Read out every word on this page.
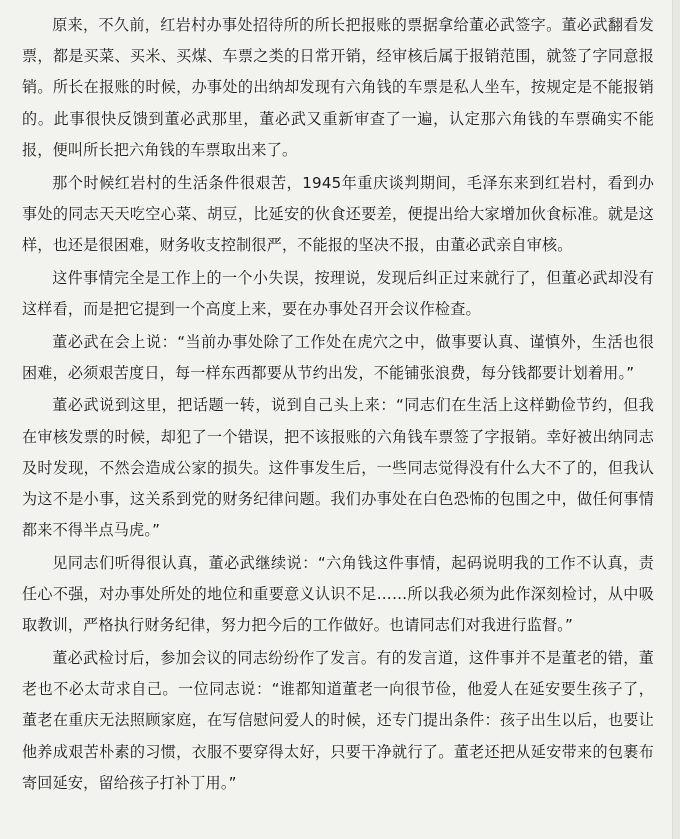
原来，不久前，红岩村办事处招待所的所长把报账的票据拿给董必武签字。董必武翻看发票，都是买菜、买米、买煤、车票之类的日常开销，经审核后属于报销范围，就签了字同意报销。所长在报账的时候，办事处的出纳却发现有六角钱的车票是私人坐车，按规定是不能报销的。此事很快反馈到董必武那里，董必武又重新审查了一遍，认定那六角钱的车票确实不能报，便叫所长把六角钱的车票取出来了。

那个时候红岩村的生活条件很艰苦，1945年重庆谈判期间，毛泽东来到红岩村，看到办事处的同志天天吃空心菜、胡豆，比延安的伙食还要差，便提出给大家增加伙食标准。就是这样，也还是很困难，财务收支控制很严，不能报的坚决不报，由董必武亲自审核。

这件事情完全是工作上的一个小失误，按理说，发现后纠正过来就行了，但董必武却没有这样看，而是把它提到一个高度上来，要在办事处召开会议作检查。

董必武在会上说：“当前办事处除了工作处在虎穴之中，做事要认真、谨慎外，生活也很困难，必须艰苦度日，每一样东西都要从节约出发，不能铺张浪费，每分钱都要计划着用。”

董必武说到这里，把话题一转，说到自己头上来：“同志们在生活上这样勤俭节约，但我在审核发票的时候，却犯了一个错误，把不该报账的六角钱车票签了字报销。幸好被出纳同志及时发现，不然会造成公家的损失。这件事发生后，一些同志觉得没有什么大不了的，但我认为这不是小事，这关系到党的财务纪律问题。我们办事处在白色恐怖的包围之中，做任何事情都来不得半点马虎。”

见同志们听得很认真，董必武继续说：“六角钱这件事情，起码说明我的工作不认真，责任心不强，对办事处所处的地位和重要意义认识不足……所以我必须为此作深刻检讨，从中吸取教训，严格执行财务纪律，努力把今后的工作做好。也请同志们对我进行监督。”

董必武检讨后，参加会议的同志纷纷作了发言。有的发言道，这件事并不是董老的错，董老也不必太苛求自己。一位同志说：“谁都知道董老一向很节俭，他爱人在延安要生孩子了，董老在重庆无法照顾家庭，在写信慰问爱人的时候，还专门提出条件：孩子出生以后，也要让他养成艰苦朴素的习惯，衣服不要穿得太好，只要干净就行了。董老还把从延安带来的包裹布寄回延安，留给孩子打补丁用。”
